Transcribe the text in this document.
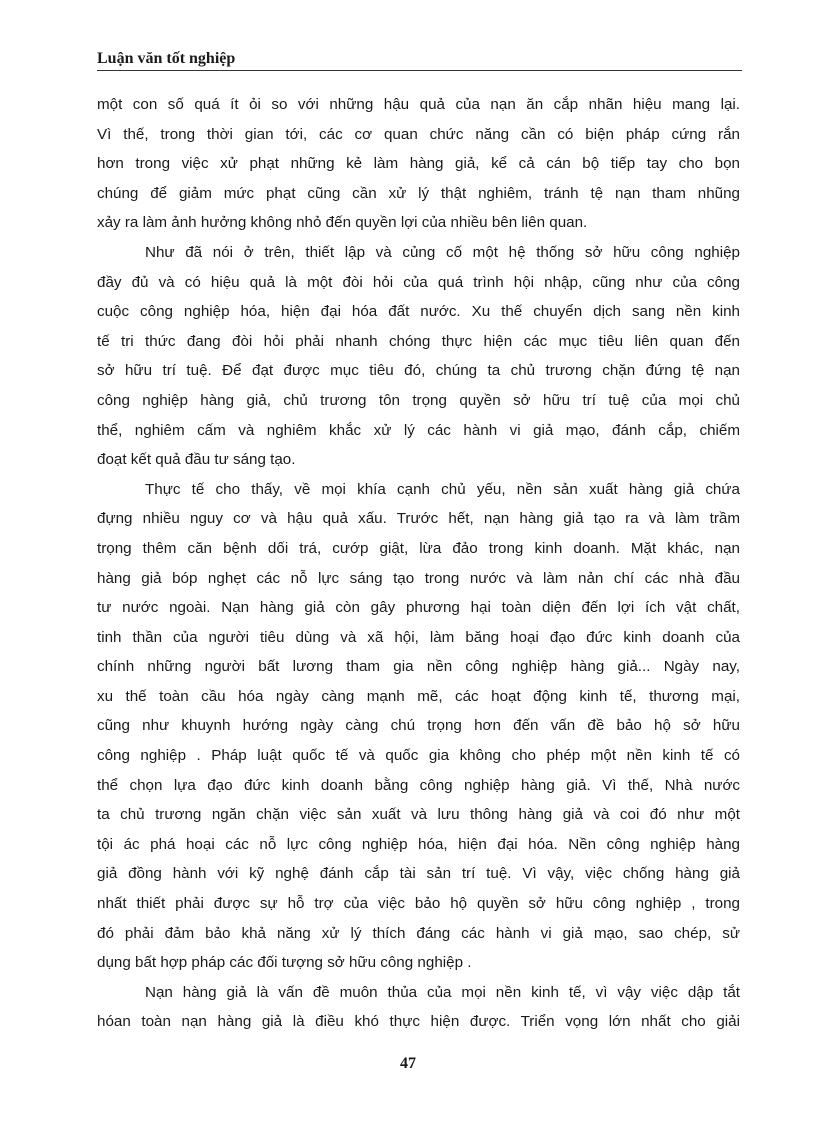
Luận văn tốt nghiệp
một con số quá ít ỏi so với những hậu quả của nạn ăn cắp nhãn hiệu mang lại.
Vì thế, trong thời gian tới, các cơ quan chức năng cần có biện pháp cứng rắn
hơn trong việc xử phạt những kẻ làm hàng giả, kể cả cán bộ tiếp tay cho bọn
chúng để giảm mức phạt cũng cần xử lý thật nghiêm, tránh tệ nạn tham nhũng
xảy ra làm ảnh hưởng không nhỏ đến quyền lợi của nhiều bên liên quan.
Như đã nói ở trên, thiết lập và củng cố một hệ thống sở hữu công nghiệp
đầy đủ và có hiệu quả là một đòi hỏi của quá trình hội nhập, cũng như của công
cuộc công nghiệp hóa, hiện đại hóa đất nước. Xu thế chuyển dịch sang nền kinh
tế tri thức đang đòi hỏi phải nhanh chóng thực hiện các mục tiêu liên quan đến
sở hữu trí tuệ. Để đạt được mục tiêu đó, chúng ta chủ trương chặn đứng tệ nạn
công nghiệp hàng giả, chủ trương tôn trọng quyền sở hữu trí tuệ của mọi chủ
thể, nghiêm cấm và nghiêm khắc xử lý các hành vi giả mạo, đánh cắp, chiếm
đoạt kết quả đầu tư sáng tạo.
Thực tế cho thấy, về mọi khía cạnh chủ yếu, nền sản xuất hàng giả chứa
đựng nhiều nguy cơ và hậu quả xấu. Trước hết, nạn hàng giả tạo ra và làm trầm
trọng thêm căn bệnh dối trá, cướp giật, lừa đảo trong kinh doanh. Mặt khác, nạn
hàng giả bóp nghẹt các nỗ lực sáng tạo trong nước và làm nản chí các nhà đầu
tư nước ngoài. Nạn hàng giả còn gây phương hại toàn diện đến lợi ích vật chất,
tinh thần của người tiêu dùng và xã hội, làm băng hoại đạo đức kinh doanh của
chính những người bất lương tham gia nền công nghiệp hàng giả... Ngày nay,
xu thế toàn cầu hóa ngày càng mạnh mẽ, các hoạt động kinh tế, thương mại,
cũng như khuynh hướng ngày càng chú trọng hơn đến vấn đề bảo hộ sở hữu
công nghiệp . Pháp luật quốc tế và quốc gia không cho phép một nền kinh tế có
thể chọn lựa đạo đức kinh doanh bằng công nghiệp hàng giả. Vì thế, Nhà nước
ta chủ trương ngăn chặn việc sản xuất và lưu thông hàng giả và coi đó như một
tội ác phá hoại các nỗ lực công nghiệp hóa, hiện đại hóa. Nền công nghiệp hàng
giả đồng hành với kỹ nghệ đánh cắp tài sản trí tuệ. Vì vậy, việc chống hàng giả
nhất thiết phải được sự hỗ trợ của việc bảo hộ quyền sở hữu công nghiệp , trong
đó phải đảm bảo khả năng xử lý thích đáng các hành vi giả mạo, sao chép, sử
dụng bất hợp pháp các đối tượng sở hữu công nghiệp .
Nạn hàng giả là vấn đề muôn thủa của mọi nền kinh tế, vì vậy việc dập tắt
hóan toàn nạn hàng giả là điều khó thực hiện được. Triển vọng lớn nhất cho giải
47
